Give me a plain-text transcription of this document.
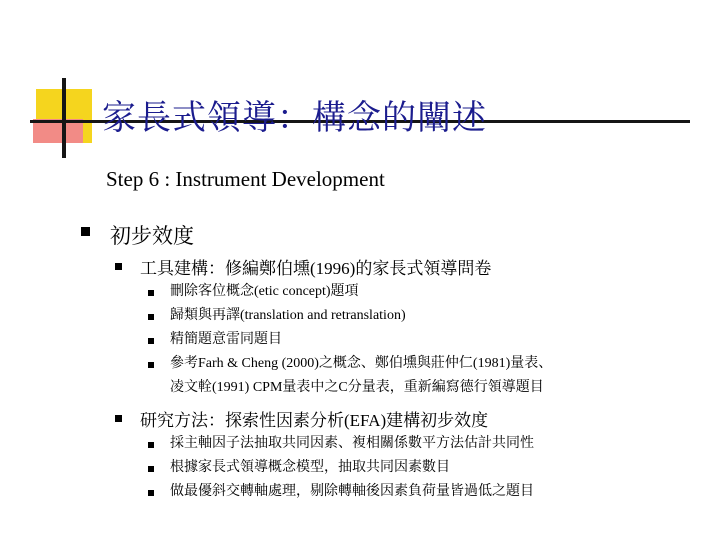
家長式領導：構念的闡述
Step 6 : Instrument Development
初步效度
工具建構：修編鄭伯壎(1996)的家長式領導問卷
刪除客位概念(etic concept)題項
歸類與再譯(translation and retranslation)
精簡題意雷同題目
參考Farh & Cheng (2000)之概念、鄭伯壎與莊仲仁(1981)量表、
凌文輇(1991) CPM量表中之C分量表，重新編寫德行領導題目
研究方法：探索性因素分析(EFA)建構初步效度
採主軸因子法抽取共同因素、複相關係數平方法估計共同性
根據家長式領導概念模型，抽取共同因素數目
做最優斜交轉軸處理，剔除轉軸後因素負荷量皆過低之題目
